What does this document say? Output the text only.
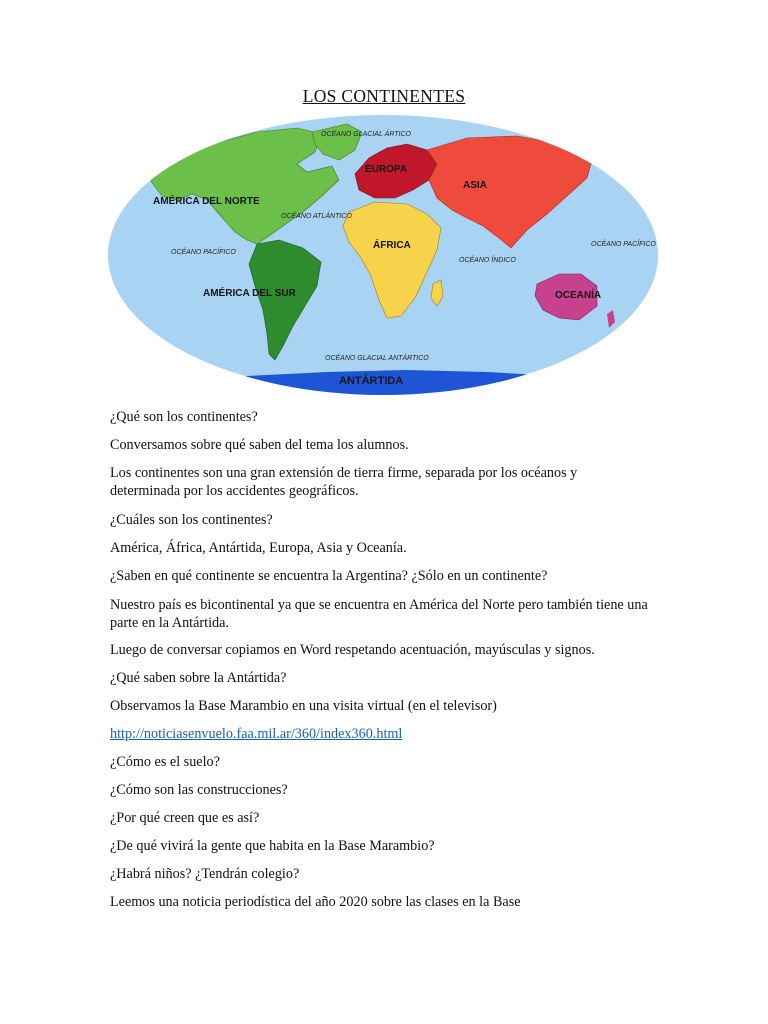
LOS CONTINENTES
OCÉANO GLACIAL ÁRTICO
AMÉRICA DEL NORTE
EUROPA
ASIA
OCÉANO ATLÁNTICO
OCÉANO PACÍFICO
ÁFRICA
OCÉANO ÍNDICO
OCÉANO PACÍFICO
AMÉRICA DEL SUR	OCEANÍA
OCÉANO GLACIAL ANTÁRTICO
ANTÁRTIDA
¿Qué son los continentes?
Conversamos sobre qué saben del tema los alumnos.
Los continentes son una gran extensión de tierra firme, separada por los océanos y determinada por los accidentes geográficos.
¿Cuáles son los continentes?
América, África, Antártida, Europa, Asia y Oceanía.
¿Saben en qué continente se encuentra la Argentina? ¿Sólo en un continente?
Nuestro país es bicontinental ya que se encuentra en América del Norte pero también tiene una parte en la Antártida.
Luego de conversar copiamos en Word respetando acentuación, mayúsculas y signos.
¿Qué saben sobre la Antártida?
Observamos la Base Marambio en una visita virtual (en el televisor)
http://noticiasenvuelo.faa.mil.ar/360/index360.html
¿Cómo es el suelo?
¿Cómo son las construcciones?
¿Por qué creen que es así?
¿De qué vivirá la gente que habita en la Base Marambio?
¿Habrá niños? ¿Tendrán colegio?
Leemos una noticia periodística del año 2020 sobre las clases en la Base
